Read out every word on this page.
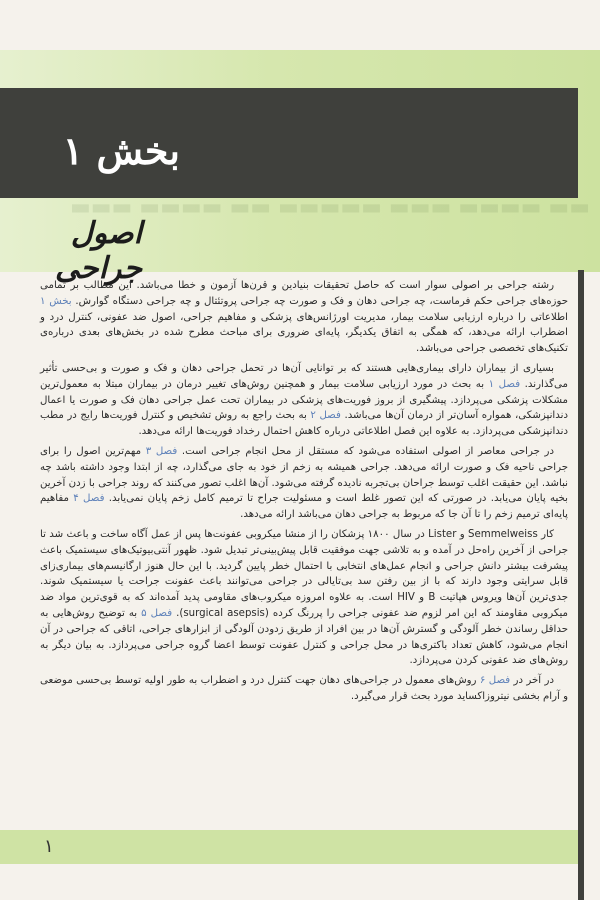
▬▬ ▬▬▬▬ ▬▬▬ ▬▬▬▬▬ ▬▬ ▬▬▬▬ ▬▬▬
بخش ۱
اصول جراحی

رشته جراحی بر اصولی سوار است که حاصل تحقیقات بنیادین و قرن‌ها آزمون و خطا می‌باشد. این مطالب بر تمامی حوزه‌های جراحی حکم فرماست، چه جراحی دهان و فک و صورت چه جراحی پروتئتال و چه جراحی دستگاه گوارش. بخش ۱ اطلاعاتی را درباره ارزیابی سلامت بیمار، مدیریت اورژانس‌های پزشکی و مفاهیم جراحی، اصول ضد عفونی، کنترل درد و اضطراب ارائه می‌دهد، که همگی به اتفاق یکدیگر، پایه‌ای ضروری برای مباحث مطرح شده در بخش‌های بعدی درباره‌ی تکنیک‌های تخصصی جراحی می‌باشد.

بسیاری از بیماران دارای بیماری‌هایی هستند که بر توانایی آن‌ها در تحمل جراحی دهان و فک و صورت و بی‌حسی تأثیر می‌گذارند. فصل ۱ به بحث در مورد ارزیابی سلامت بیمار و همچنین روش‌های تغییر درمان در بیماران مبتلا به معمول‌ترین مشکلات پزشکی می‌پردازد. پیشگیری از بروز فوریت‌های پزشکی در بیماران تحت عمل جراحی دهان فک و صورت یا اعمال دندانپزشکی، همواره آسان‌تر از درمان آن‌ها می‌باشد. فصل ۲ به بحث راجع به روش تشخیص و کنترل فوریت‌ها رایج در مطب دندانپزشکی می‌پردازد. به علاوه این فصل اطلاعاتی درباره کاهش احتمال رخداد فوریت‌ها ارائه می‌دهد.

در جراحی معاصر از اصولی استفاده می‌شود که مستقل از محل انجام جراحی است. فصل ۳ مهم‌ترین اصول را برای جراحی ناحیه فک و صورت ارائه می‌دهد. جراحی همیشه به زخم از خود به جای می‌گذارد، چه از ابتدا وجود داشته باشد چه نباشد. این حقیقت اغلب توسط جراحان بی‌تجربه نادیده گرفته می‌شود. آن‌ها اغلب تصور می‌کنند که روند جراحی با زدن آخرین بخیه پایان می‌یابد. در صورتی که این تصور غلط است و مسئولیت جراح تا ترمیم کامل زخم پایان نمی‌یابد. فصل ۴ مفاهیم پایه‌ای ترمیم زخم را تا آن جا که مربوط به جراحی دهان می‌باشد ارائه می‌دهد.

کار Semmelweiss و Lister در سال ۱۸۰۰ پزشکان را از منشا میکروبی عفونت‌ها پس از عمل آگاه ساخت و باعث شد تا جراحی از آخرین راه‌حل در آمده و به تلاشی جهت موفقیت قابل پیش‌بینی‌تر تبدیل شود. ظهور آنتی‌بیوتیک‌های سیستمیک باعث پیشرفت بیشتر دانش جراحی و انجام عمل‌های انتخابی با احتمال خطر پایین گردید. با این حال هنوز ارگانیسم‌های بیماری‌زای قابل سرایتی وجود دارند که با از بین رفتن سد بی‌تایالی در جراحی می‌توانند باعث عفونت جراحت یا سیستمیک شوند. جدی‌ترین آن‌ها ویروس هپاتیت B و HIV است. به علاوه امروزه میکروب‌های مقاومی پدید آمده‌اند که به قوی‌ترین مواد ضد میکروبی مقاومند که این امر لزوم ضد عفونی جراحی را پررنگ کرده (surgical asepsis). فصل ۵ به توضیح روش‌هایی به حداقل رساندن خطر آلودگی و گسترش آن‌ها در بین افراد از طریق زدودن آلودگی از ابزارهای جراحی، اتاقی که جراحی در آن انجام می‌شود، کاهش تعداد باکتری‌ها در محل جراحی و کنترل عفونت توسط اعضا گروه جراحی می‌پردازد. به بیان دیگر به روش‌های ضد عفونی کردن می‌پردازد.

در آخر در فصل ۶ روش‌های معمول در جراحی‌های دهان جهت کنترل درد و اضطراب به طور اولیه توسط بی‌حسی موضعی و آرام بخشی نیتروزاکساید مورد بحث قرار می‌گیرد.

۱
